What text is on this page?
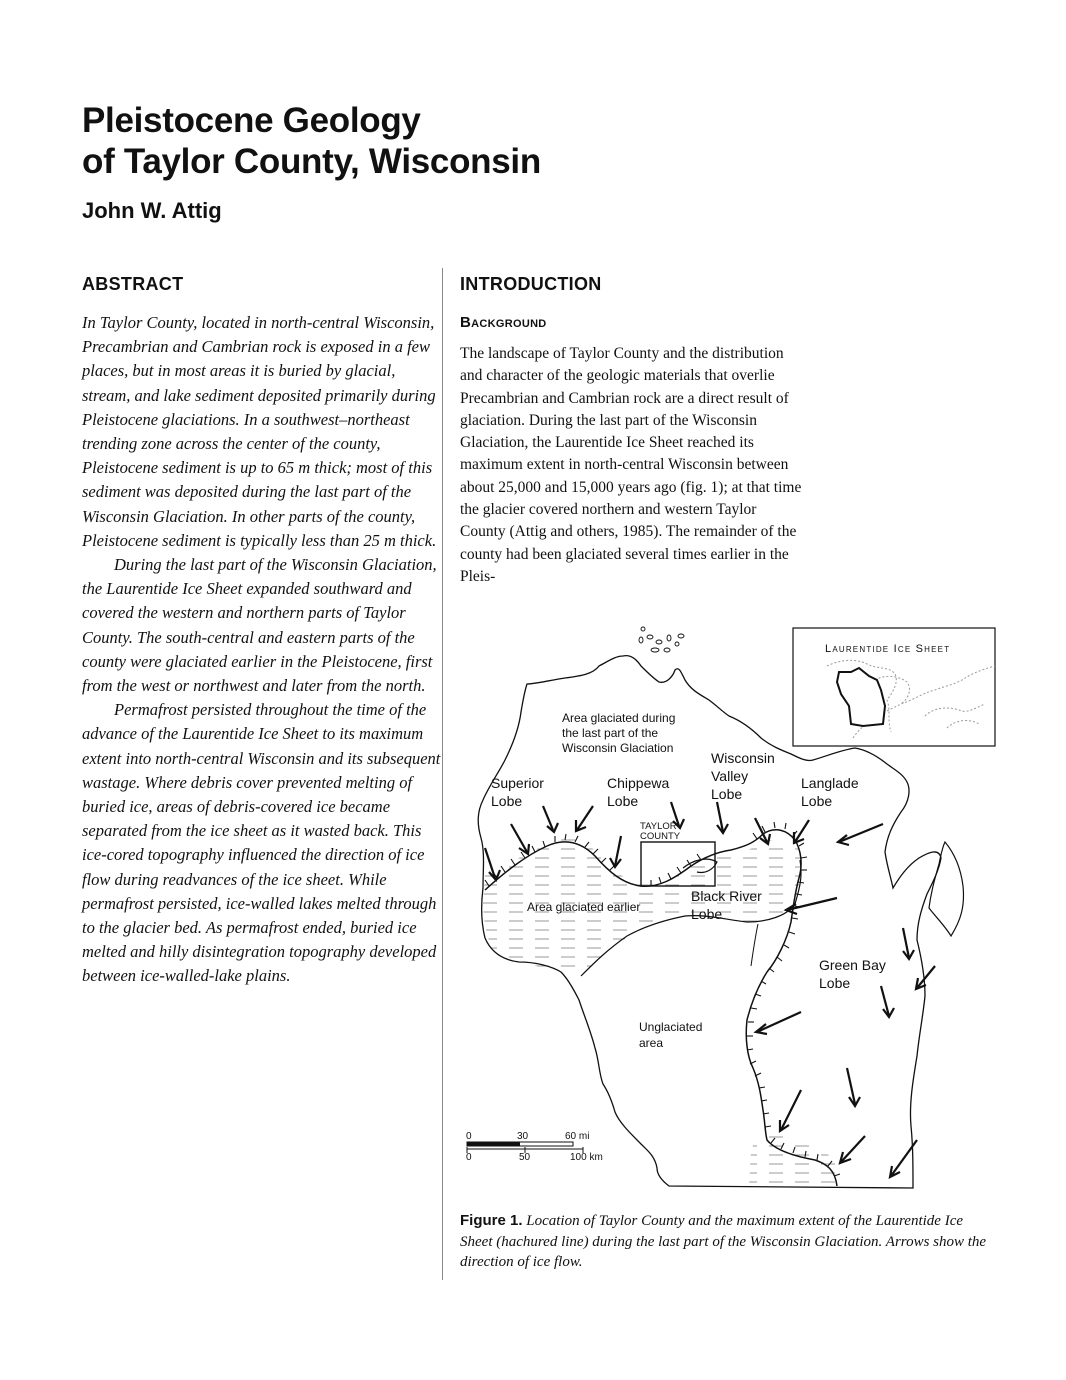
Pleistocene Geology
of Taylor County, Wisconsin
John W. Attig
ABSTRACT

In Taylor County, located in north-central Wisconsin, Precambrian and Cambrian rock is exposed in a few places, but in most areas it is buried by glacial, stream, and lake sediment deposited primarily during Pleistocene glaciations. In a southwest–northeast trending zone across the center of the county, Pleistocene sediment is up to 65 m thick; most of this sediment was deposited during the last part of the Wisconsin Glaciation. In other parts of the county, Pleistocene sediment is typically less than 25 m thick.

During the last part of the Wisconsin Glaciation, the Laurentide Ice Sheet expanded southward and covered the western and northern parts of Taylor County. The south-central and eastern parts of the county were glaciated earlier in the Pleistocene, first from the west or northwest and later from the north.

Permafrost persisted throughout the time of the advance of the Laurentide Ice Sheet to its maximum extent into north-central Wisconsin and its subsequent wastage. Where debris cover prevented melting of buried ice, areas of debris-covered ice became separated from the ice sheet as it wasted back. This ice-cored topography influenced the direction of ice flow during readvances of the ice sheet. While permafrost persisted, ice-walled lakes melted through to the glacier bed. As permafrost ended, buried ice melted and hilly disintegration topography developed between ice-walled-lake plains.

INTRODUCTION
Background

The landscape of Taylor County and the distribution and character of the geologic materials that overlie Precambrian and Cambrian rock are a direct result of glaciation. During the last part of the Wisconsin Glaciation, the Laurentide Ice Sheet reached its maximum extent in north-central Wisconsin between about 25,000 and 15,000 years ago (fig. 1); at that time the glacier covered northern and western Taylor County (Attig and others, 1985). The remainder of the county had been glaciated several times earlier in the Pleis-

Laurentide Ice Sheet
Area glaciated during
the last part of the
Wisconsin Glaciation
Superior
Lobe
Chippewa
Lobe
Wisconsin
Valley
Lobe
Langlade
Lobe
TAYLOR
COUNTY
Black River
Lobe
Area glaciated earlier
Green Bay
Lobe
Unglaciated
area
0	30	60 mi
0	50	100 km
Figure 1. Location of Taylor County and the maximum extent of the Laurentide Ice Sheet (hachured line) during the last part of the Wisconsin Glaciation. Arrows show the direction of ice flow.
